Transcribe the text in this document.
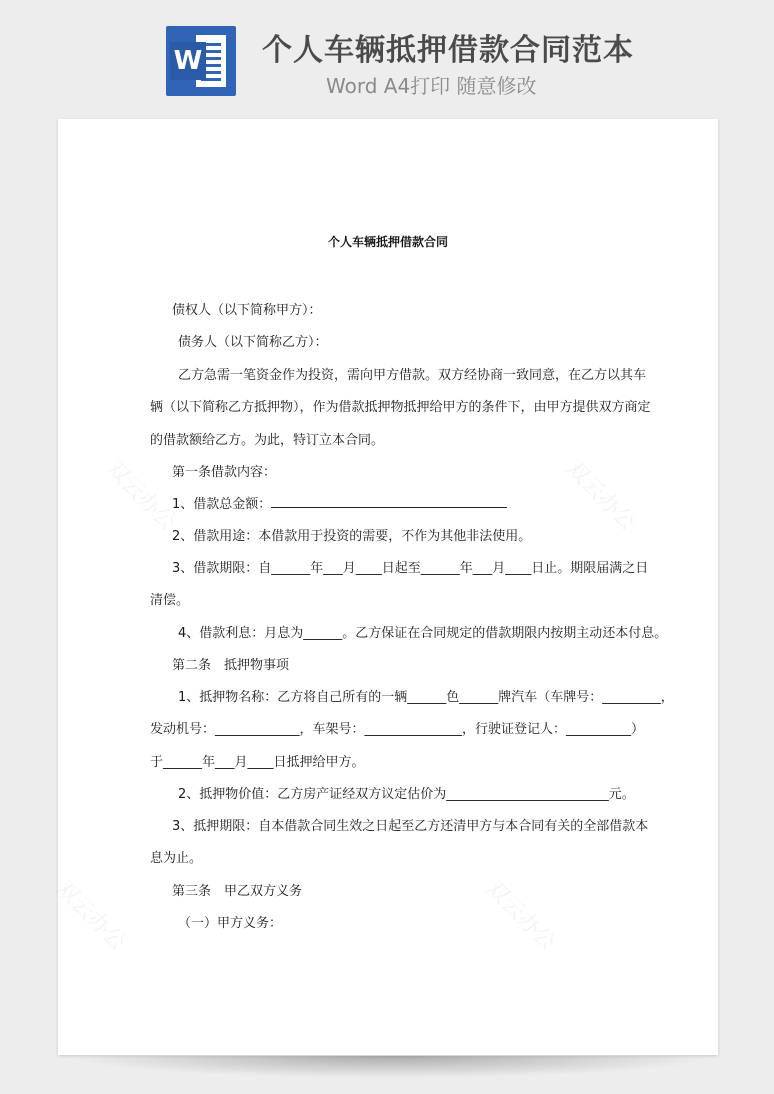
W 个人车辆抵押借款合同范本
Word A4打印 随意修改
双云办公	双云办公
双云办公	双云办公
个人车辆抵押借款合同
债权人（以下简称甲方）：
债务人（以下简称乙方）：
乙方急需一笔资金作为投资，需向甲方借款。双方经协商一致同意，在乙方以其车
辆（以下简称乙方抵押物），作为借款抵押物抵押给甲方的条件下，由甲方提供双方商定
的借款额给乙方。为此，特订立本合同。
第一条借款内容：
1、借款总金额：
2、借款用途：本借款用于投资的需要，不作为其他非法使用。
3、借款期限：自______年___月____日起至______年___月____日止。期限届满之日
清偿。
4、借款利息：月息为______。乙方保证在合同规定的借款期限内按期主动还本付息。
第二条　抵押物事项
1、抵押物名称：乙方将自己所有的一辆______色______牌汽车（车牌号：_________，
发动机号：_____________，车架号：_______________，行驶证登记人：__________）
于______年___月____日抵押给甲方。
2、抵押物价值：乙方房产证经双方议定估价为_________________________元。
3、抵押期限：自本借款合同生效之日起至乙方还清甲方与本合同有关的全部借款本
息为止。
第三条　甲乙双方义务
（一）甲方义务：
